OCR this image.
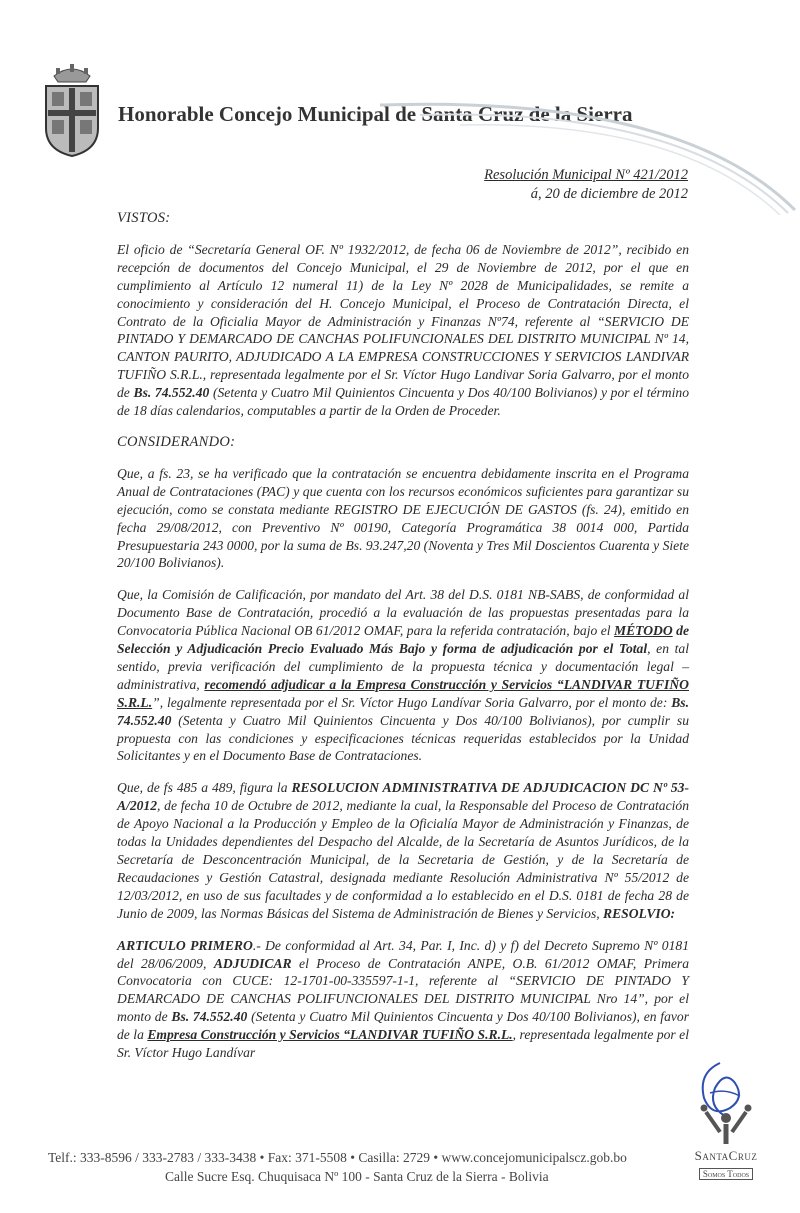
Honorable Concejo Municipal de Santa Cruz de la Sierra
Resolución Municipal Nº 421/2012
á, 20 de diciembre de 2012
VISTOS:

El oficio de “Secretaría General OF. Nº 1932/2012, de fecha 06 de Noviembre de 2012”, recibido en recepción de documentos del Concejo Municipal, el 29 de Noviembre de 2012, por el que en cumplimiento al Artículo 12 numeral 11) de la Ley Nº 2028 de Municipalidades, se remite a conocimiento y consideración del H. Concejo Municipal, el Proceso de Contratación Directa, el Contrato de la Oficialia Mayor de Administración y Finanzas Nº74, referente al “SERVICIO DE PINTADO Y DEMARCADO DE CANCHAS POLIFUNCIONALES DEL DISTRITO MUNICIPAL Nº 14, CANTON PAURITO, ADJUDICADO A LA EMPRESA CONSTRUCCIONES Y SERVICIOS LANDIVAR TUFIÑO S.R.L., representada legalmente por el Sr. Víctor Hugo Landivar Soria Galvarro, por el monto de Bs. 74.552.40 (Setenta y Cuatro Mil Quinientos Cincuenta y Dos 40/100 Bolivianos) y por el término de 18 días calendarios, computables a partir de la Orden de Proceder.

CONSIDERANDO:

Que, a fs. 23, se ha verificado que la contratación se encuentra debidamente inscrita en el Programa Anual de Contrataciones (PAC) y que cuenta con los recursos económicos suficientes para garantizar su ejecución, como se constata mediante REGISTRO DE EJECUCIÓN DE GASTOS (fs. 24), emitido en fecha 29/08/2012, con Preventivo Nº 00190, Categoría Programática 38 0014 000, Partida Presupuestaria 243 0000, por la suma de Bs. 93.247,20 (Noventa y Tres Mil Doscientos Cuarenta y Siete 20/100 Bolivianos).

Que, la Comisión de Calificación, por mandato del Art. 38 del D.S. 0181 NB-SABS, de conformidad al Documento Base de Contratación, procedió a la evaluación de las propuestas presentadas para la Convocatoria Pública Nacional OB 61/2012 OMAF, para la referida contratación, bajo el MÉTODO de Selección y Adjudicación Precio Evaluado Más Bajo y forma de adjudicación por el Total, en tal sentido, previa verificación del cumplimiento de la propuesta técnica y documentación legal – administrativa, recomendó adjudicar a la Empresa Construcción y Servicios “LANDIVAR TUFIÑO S.R.L.”, legalmente representada por el Sr. Víctor Hugo Landívar Soria Galvarro, por el monto de: Bs. 74.552.40 (Setenta y Cuatro Mil Quinientos Cincuenta y Dos 40/100 Bolivianos), por cumplir su propuesta con las condiciones y especificaciones técnicas requeridas establecidos por la Unidad Solicitantes y en el Documento Base de Contrataciones.

Que, de fs 485 a 489, figura la RESOLUCION ADMINISTRATIVA DE ADJUDICACION DC Nº 53-A/2012, de fecha 10 de Octubre de 2012, mediante la cual, la Responsable del Proceso de Contratación de Apoyo Nacional a la Producción y Empleo de la Oficialía Mayor de Administración y Finanzas, de todas la Unidades dependientes del Despacho del Alcalde, de la Secretaría de Asuntos Jurídicos, de la Secretaría de Desconcentración Municipal, de la Secretaria de Gestión, y de la Secretaría de Recaudaciones y Gestión Catastral, designada mediante Resolución Administrativa Nº 55/2012 de 12/03/2012, en uso de sus facultades y de conformidad a lo establecido en el D.S. 0181 de fecha 28 de Junio de 2009, las Normas Básicas del Sistema de Administración de Bienes y Servicios, RESOLVIO:

ARTICULO PRIMERO.- De conformidad al Art. 34, Par. I, Inc. d) y f) del Decreto Supremo Nº 0181 del 28/06/2009, ADJUDICAR el Proceso de Contratación ANPE, O.B. 61/2012 OMAF, Primera Convocatoria con CUCE: 12-1701-00-335597-1-1, referente al “SERVICIO DE PINTADO Y DEMARCADO DE CANCHAS POLIFUNCIONALES DEL DISTRITO MUNICIPAL Nro 14”, por el monto de Bs. 74.552.40 (Setenta y Cuatro Mil Quinientos Cincuenta y Dos 40/100 Bolivianos), en favor de la Empresa Construcción y Servicios “LANDIVAR TUFIÑO S.R.L., representada legalmente por el Sr. Víctor Hugo Landívar

Telf.: 333-8596 / 333-2783 / 333-3438 • Fax: 371-5508 • Casilla: 2729 • www.concejomunicipalscz.gob.bo
Calle Sucre Esq. Chuquisaca Nº 100 - Santa Cruz de la Sierra - Bolivia
SantaCruz
Somos Todos
